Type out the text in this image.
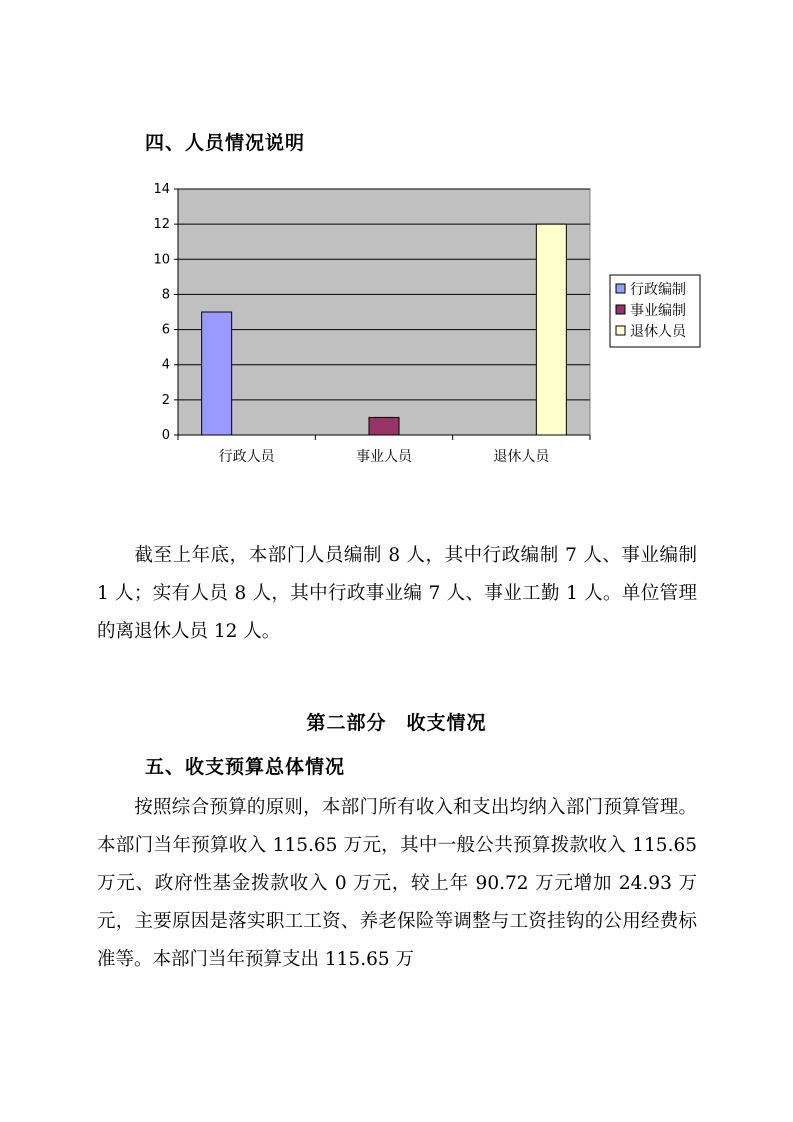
四、人员情况说明
0
2
4
6
8
10
12
14
行政人员	事业人员	退休人员
行政编制
事业编制
退休人员

截至上年底，本部门人员编制 8 人，其中行政编制 7 人、事业编制 1 人；实有人员 8 人，其中行政事业编 7 人、事业工勤 1 人。单位管理的离退休人员 12 人。

第二部分　收支情况
五、收支预算总体情况

按照综合预算的原则，本部门所有收入和支出均纳入部门预算管理。本部门当年预算收入 115.65 万元，其中一般公共预算拨款收入 115.65 万元、政府性基金拨款收入 0 万元，较上年 90.72 万元增加 24.93 万元，主要原因是落实职工工资、养老保险等调整与工资挂钩的公用经费标准等。本部门当年预算支出 115.65 万
